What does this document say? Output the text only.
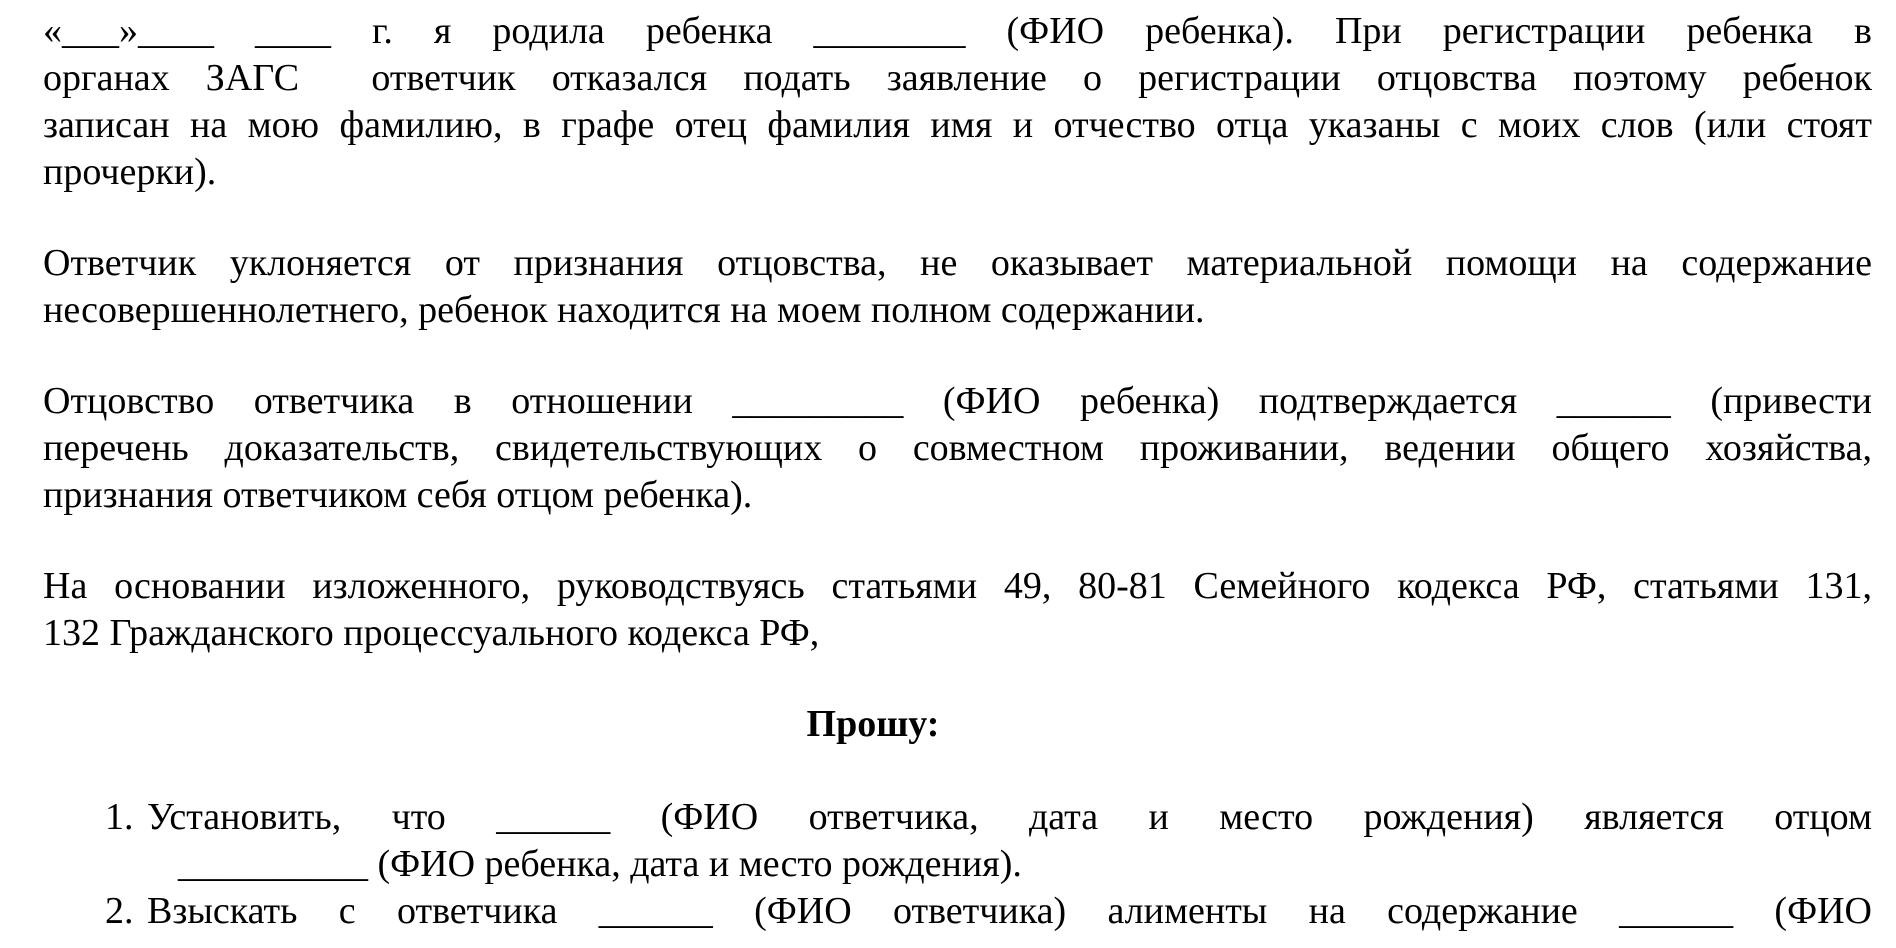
«___»____ ____ г. я родила ребенка ________ (ФИО ребенка). При регистрации ребенка в
органах ЗАГС  ответчик отказался подать заявление о регистрации отцовства поэтому ребенок
записан на мою фамилию, в графе отец фамилия имя и отчество отца указаны с моих слов (или стоят
прочерки).
Ответчик уклоняется от признания отцовства, не оказывает материальной помощи на содержание
несовершеннолетнего, ребенок находится на моем полном содержании.
Отцовство ответчика в отношении _________ (ФИО ребенка) подтверждается ______ (привести
перечень доказательств, свидетельствующих о совместном проживании, ведении общего хозяйства,
признания ответчиком себя отцом ребенка).
На основании изложенного, руководствуясь статьями 49, 80-81 Семейного кодекса РФ, статьями 131,
132 Гражданского процессуального кодекса РФ,
Прошу:
1. Установить, что ______ (ФИО ответчика, дата и место рождения) является отцом
__________ (ФИО ребенка, дата и место рождения).
2. Взыскать с ответчика ______ (ФИО ответчика) алименты на содержание ______ (ФИО
